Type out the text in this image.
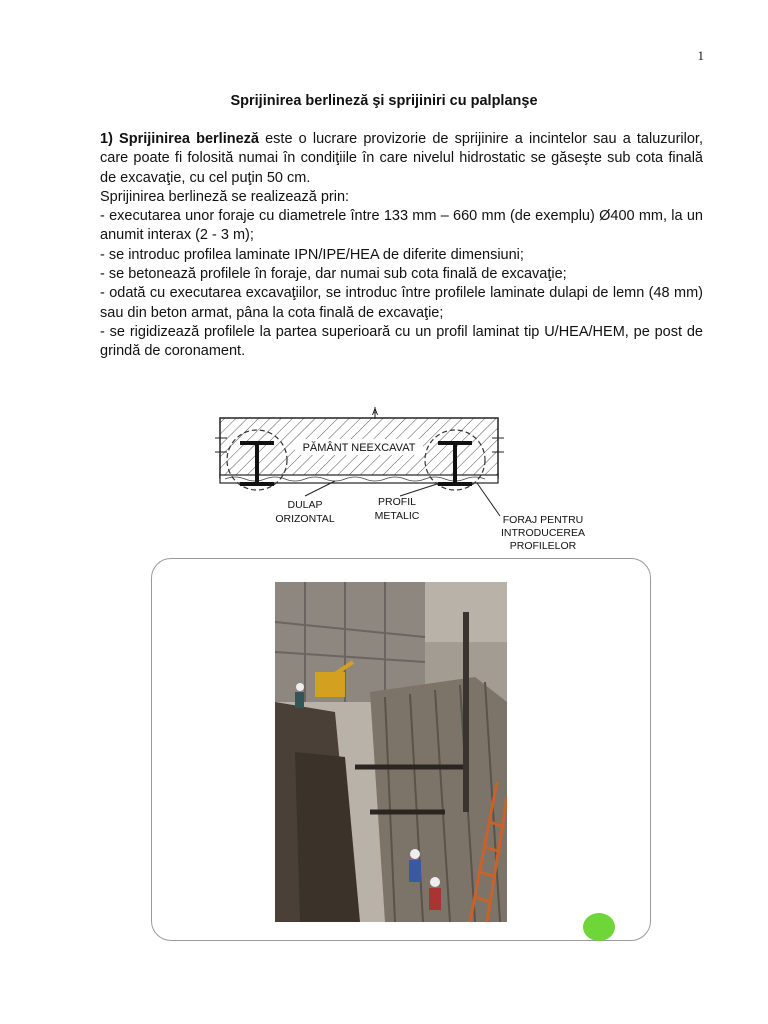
1
Sprijinirea berlineză şi sprijiniri cu palplanşe

1) Sprijinirea berlineză este o lucrare provizorie de sprijinire a incintelor sau a taluzurilor, care poate fi folosită numai în condiţiile în care nivelul hidrostatic se găseşte sub cota finală de excavaţie, cu cel puţin 50 cm.

Sprijinirea berlineză se realizează prin:

- executarea unor foraje cu diametrele între 133 mm – 660 mm (de exemplu) Ø400 mm, la un anumit interax (2 - 3 m);

- se introduc profilea laminate IPN/IPE/HEA de diferite dimensiuni;

- se betonează profilele în foraje, dar numai sub cota finală de excavaţie;

- odată cu executarea excavaţiilor, se introduc între profilele laminate dulapi de lemn (48 mm) sau din beton armat, pâna la cota finală de excavaţie;

- se rigidizează profilele la partea superioară cu un profil laminat tip U/HEA/HEM, pe post de grindă de coronament.

PĂMÂNT NEEXCAVAT
A
DULAP
ORIZONTAL
PROFIL
METALIC	FORAJ PENTRU
INTRODUCEREA
PROFILELOR
